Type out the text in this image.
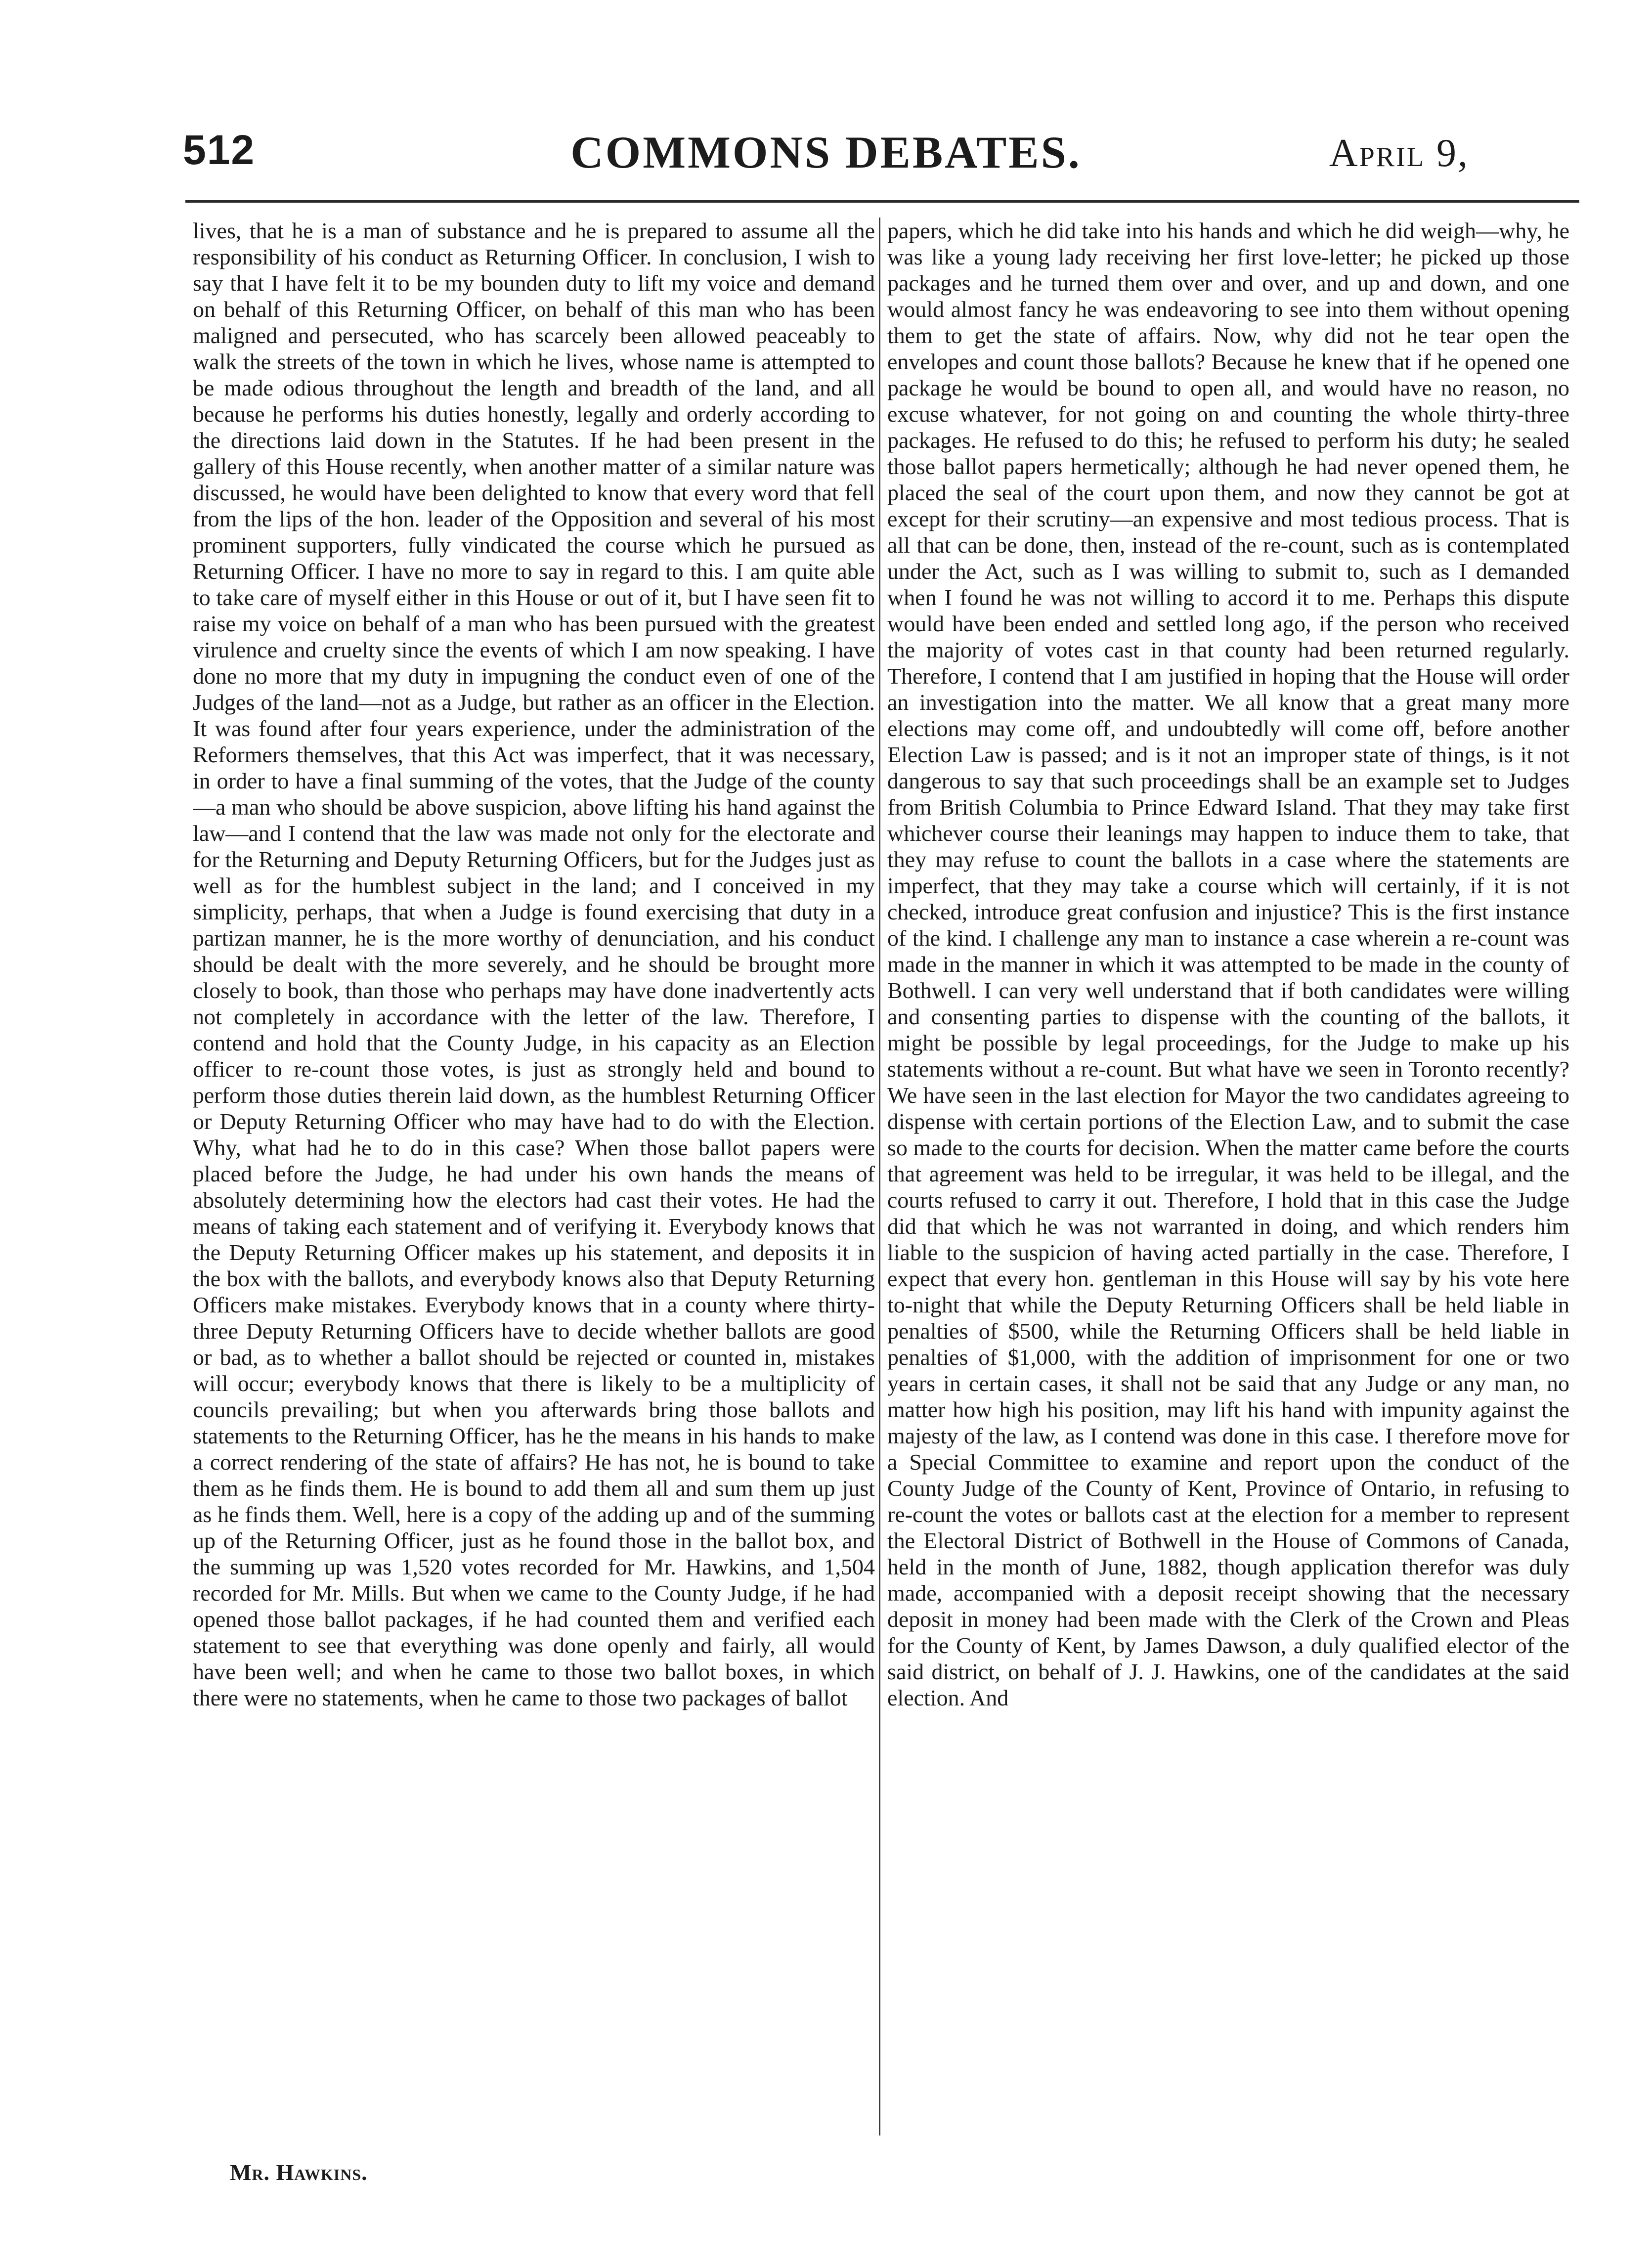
512	COMMONS DEBATES.	April 9,

lives, that he is a man of substance and he is prepared to assume all the responsibility of his conduct as Returning Officer. In conclusion, I wish to say that I have felt it to be my bounden duty to lift my voice and demand on behalf of this Returning Officer, on behalf of this man who has been maligned and persecuted, who has scarcely been allowed peaceably to walk the streets of the town in which he lives, whose name is attempted to be made odious throughout the length and breadth of the land, and all because he performs his duties honestly, legally and orderly according to the directions laid down in the Statutes. If he had been present in the gallery of this House recently, when another matter of a similar nature was discussed, he would have been delighted to know that every word that fell from the lips of the hon. leader of the Opposition and several of his most prominent supporters, fully vindicated the course which he pursued as Returning Officer. I have no more to say in regard to this. I am quite able to take care of myself either in this House or out of it, but I have seen fit to raise my voice on behalf of a man who has been pursued with the greatest virulence and cruelty since the events of which I am now speaking. I have done no more that my duty in impugning the conduct even of one of the Judges of the land—not as a Judge, but rather as an officer in the Election. It was found after four years experience, under the administration of the Reformers themselves, that this Act was imperfect, that it was necessary, in order to have a final summing of the votes, that the Judge of the county—a man who should be above suspicion, above lifting his hand against the law—and I contend that the law was made not only for the electorate and for the Returning and Deputy Returning Officers, but for the Judges just as well as for the humblest subject in the land; and I conceived in my simplicity, perhaps, that when a Judge is found exercising that duty in a partizan manner, he is the more worthy of denunciation, and his conduct should be dealt with the more severely, and he should be brought more closely to book, than those who perhaps may have done inadvertently acts not completely in accordance with the letter of the law. Therefore, I contend and hold that the County Judge, in his capacity as an Election officer to re-count those votes, is just as strongly held and bound to perform those duties therein laid down, as the humblest Returning Officer or Deputy Returning Officer who may have had to do with the Election. Why, what had he to do in this case? When those ballot papers were placed before the Judge, he had under his own hands the means of absolutely determining how the electors had cast their votes. He had the means of taking each statement and of verifying it. Everybody knows that the Deputy Returning Officer makes up his statement, and deposits it in the box with the ballots, and everybody knows also that Deputy Returning Officers make mistakes. Everybody knows that in a county where thirty-three Deputy Returning Officers have to decide whether ballots are good or bad, as to whether a ballot should be rejected or counted in, mistakes will occur; everybody knows that there is likely to be a multiplicity of councils prevailing; but when you afterwards bring those ballots and statements to the Returning Officer, has he the means in his hands to make a correct rendering of the state of affairs? He has not, he is bound to take them as he finds them. He is bound to add them all and sum them up just as he finds them. Well, here is a copy of the adding up and of the summing up of the Returning Officer, just as he found those in the ballot box, and the summing up was 1,520 votes recorded for Mr. Hawkins, and 1,504 recorded for Mr. Mills. But when we came to the County Judge, if he had opened those ballot packages, if he had counted them and verified each statement to see that everything was done openly and fairly, all would have been well; and when he came to those two ballot boxes, in which there were no statements, when he came to those two packages of ballot

papers, which he did take into his hands and which he did weigh—why, he was like a young lady receiving her first love-letter; he picked up those packages and he turned them over and over, and up and down, and one would almost fancy he was endeavoring to see into them without opening them to get the state of affairs. Now, why did not he tear open the envelopes and count those ballots? Because he knew that if he opened one package he would be bound to open all, and would have no reason, no excuse whatever, for not going on and counting the whole thirty-three packages. He refused to do this; he refused to perform his duty; he sealed those ballot papers hermetically; although he had never opened them, he placed the seal of the court upon them, and now they cannot be got at except for their scrutiny—an expensive and most tedious process. That is all that can be done, then, instead of the re-count, such as is contemplated under the Act, such as I was willing to submit to, such as I demanded when I found he was not willing to accord it to me. Perhaps this dispute would have been ended and settled long ago, if the person who received the majority of votes cast in that county had been returned regularly. Therefore, I contend that I am justified in hoping that the House will order an investigation into the matter. We all know that a great many more elections may come off, and undoubtedly will come off, before another Election Law is passed; and is it not an improper state of things, is it not dangerous to say that such proceedings shall be an example set to Judges from British Columbia to Prince Edward Island. That they may take first whichever course their leanings may happen to induce them to take, that they may refuse to count the ballots in a case where the statements are imperfect, that they may take a course which will certainly, if it is not checked, introduce great confusion and injustice? This is the first instance of the kind. I challenge any man to instance a case wherein a re-count was made in the manner in which it was attempted to be made in the county of Bothwell. I can very well understand that if both candidates were willing and consenting parties to dispense with the counting of the ballots, it might be possible by legal proceedings, for the Judge to make up his statements without a re-count. But what have we seen in Toronto recently? We have seen in the last election for Mayor the two candidates agreeing to dispense with certain portions of the Election Law, and to submit the case so made to the courts for decision. When the matter came before the courts that agreement was held to be irregular, it was held to be illegal, and the courts refused to carry it out. Therefore, I hold that in this case the Judge did that which he was not warranted in doing, and which renders him liable to the suspicion of having acted partially in the case. Therefore, I expect that every hon. gentleman in this House will say by his vote here to-night that while the Deputy Returning Officers shall be held liable in penalties of $500, while the Returning Officers shall be held liable in penalties of $1,000, with the addition of imprisonment for one or two years in certain cases, it shall not be said that any Judge or any man, no matter how high his position, may lift his hand with impunity against the majesty of the law, as I contend was done in this case. I therefore move for a Special Committee to examine and report upon the conduct of the County Judge of the County of Kent, Province of Ontario, in refusing to re-count the votes or ballots cast at the election for a member to represent the Electoral District of Bothwell in the House of Commons of Canada, held in the month of June, 1882, though application therefor was duly made, accompanied with a deposit receipt showing that the necessary deposit in money had been made with the Clerk of the Crown and Pleas for the County of Kent, by James Dawson, a duly qualified elector of the said district, on behalf of J. J. Hawkins, one of the candidates at the said election. And

Mr. Hawkins.
